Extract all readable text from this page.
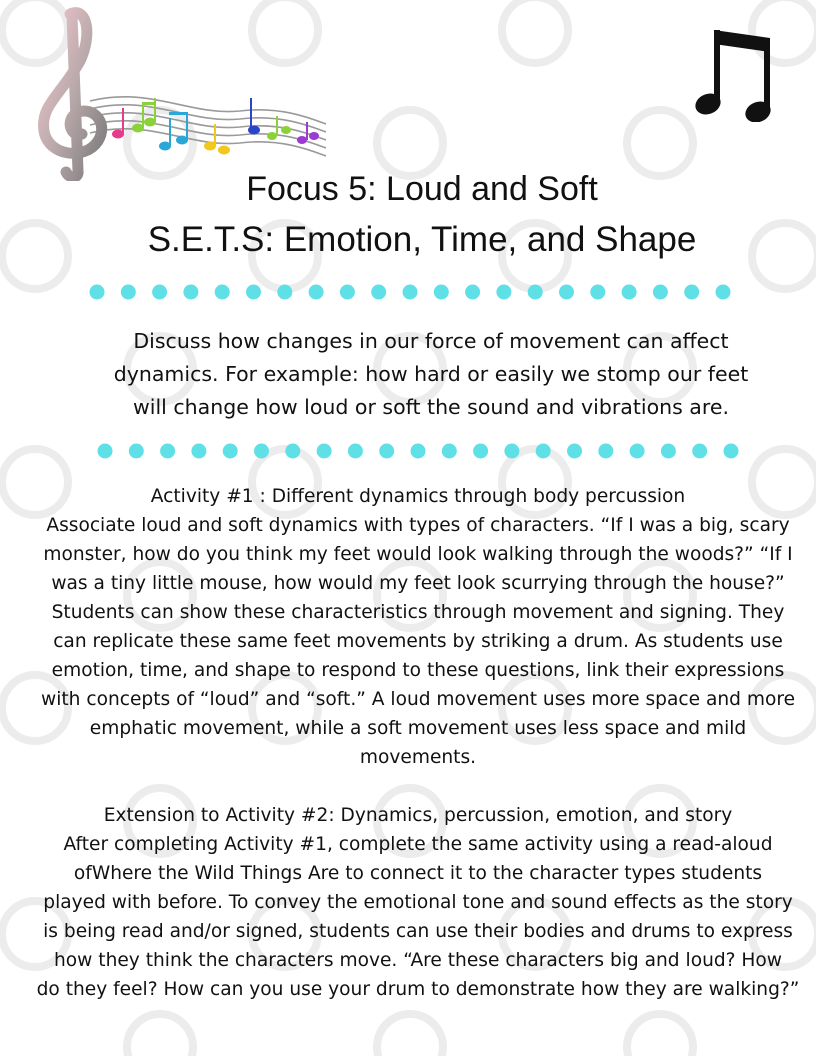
Focus 5: Loud and Soft
S.E.T.S: Emotion, Time, and Shape
Discuss how changes in our force of movement can affect
dynamics. For example: how hard or easily we stomp our feet
will change how loud or soft the sound and vibrations are.
Activity #1 : Different dynamics through body percussion
Associate loud and soft dynamics with types of characters. “If I was a big, scary
monster, how do you think my feet would look walking through the woods?” “If I
was a tiny little mouse, how would my feet look scurrying through the house?”
Students can show these characteristics through movement and signing. They
can replicate these same feet movements by striking a drum. As students use
emotion, time, and shape to respond to these questions, link their expressions
with concepts of “loud” and “soft.” A loud movement uses more space and more
emphatic movement, while a soft movement uses less space and mild
movements.
Extension to Activity #2: Dynamics, percussion, emotion, and story
After completing Activity #1, complete the same activity using a read-aloud
ofWhere the Wild Things Are to connect it to the character types students
played with before. To convey the emotional tone and sound effects as the story
is being read and/or signed, students can use their bodies and drums to express
how they think the characters move. “Are these characters big and loud? How
do they feel? How can you use your drum to demonstrate how they are walking?”
